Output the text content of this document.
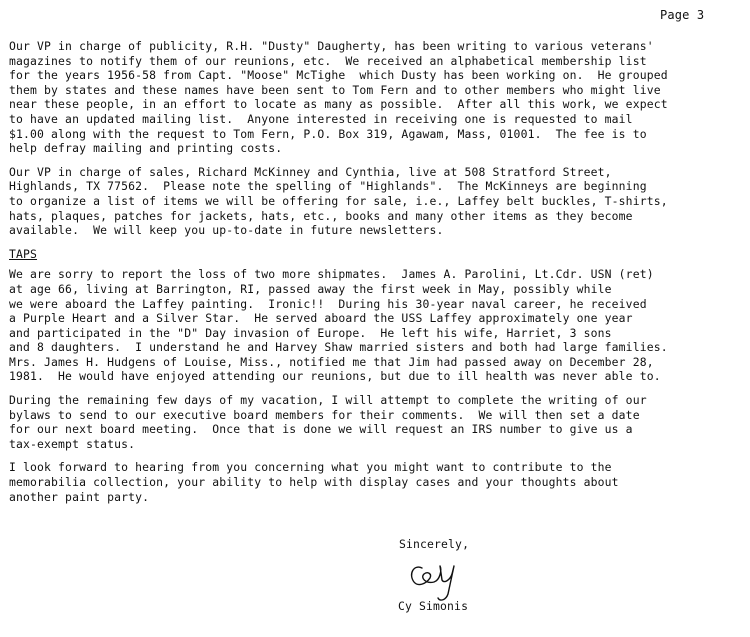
Page 3

Our VP in charge of publicity, R.H. "Dusty" Daugherty, has been writing to various veterans'
magazines to notify them of our reunions, etc.  We received an alphabetical membership list
for the years 1956-58 from Capt. "Moose" McTighe  which Dusty has been working on.  He grouped
them by states and these names have been sent to Tom Fern and to other members who might live
near these people, in an effort to locate as many as possible.  After all this work, we expect
to have an updated mailing list.  Anyone interested in receiving one is requested to mail
$1.00 along with the request to Tom Fern, P.O. Box 319, Agawam, Mass, 01001.  The fee is to
help defray mailing and printing costs.

Our VP in charge of sales, Richard McKinney and Cynthia, live at 508 Stratford Street,
Highlands, TX 77562.  Please note the spelling of "Highlands".  The McKinneys are beginning
to organize a list of items we will be offering for sale, i.e., Laffey belt buckles, T-shirts,
hats, plaques, patches for jackets, hats, etc., books and many other items as they become
available.  We will keep you up-to-date in future newsletters.

TAPS

We are sorry to report the loss of two more shipmates.  James A. Parolini, Lt.Cdr. USN (ret)
at age 66, living at Barrington, RI, passed away the first week in May, possibly while
we were aboard the Laffey painting.  Ironic!!  During his 30-year naval career, he received
a Purple Heart and a Silver Star.  He served aboard the USS Laffey approximately one year
and participated in the "D" Day invasion of Europe.  He left his wife, Harriet, 3 sons
and 8 daughters.  I understand he and Harvey Shaw married sisters and both had large families.
Mrs. James H. Hudgens of Louise, Miss., notified me that Jim had passed away on December 28,
1981.  He would have enjoyed attending our reunions, but due to ill health was never able to.

During the remaining few days of my vacation, I will attempt to complete the writing of our
bylaws to send to our executive board members for their comments.  We will then set a date
for our next board meeting.  Once that is done we will request an IRS number to give us a
tax-exempt status.

I look forward to hearing from you concerning what you might want to contribute to the
memorabilia collection, your ability to help with display cases and your thoughts about
another paint party.

Sincerely,
Cy Simonis
